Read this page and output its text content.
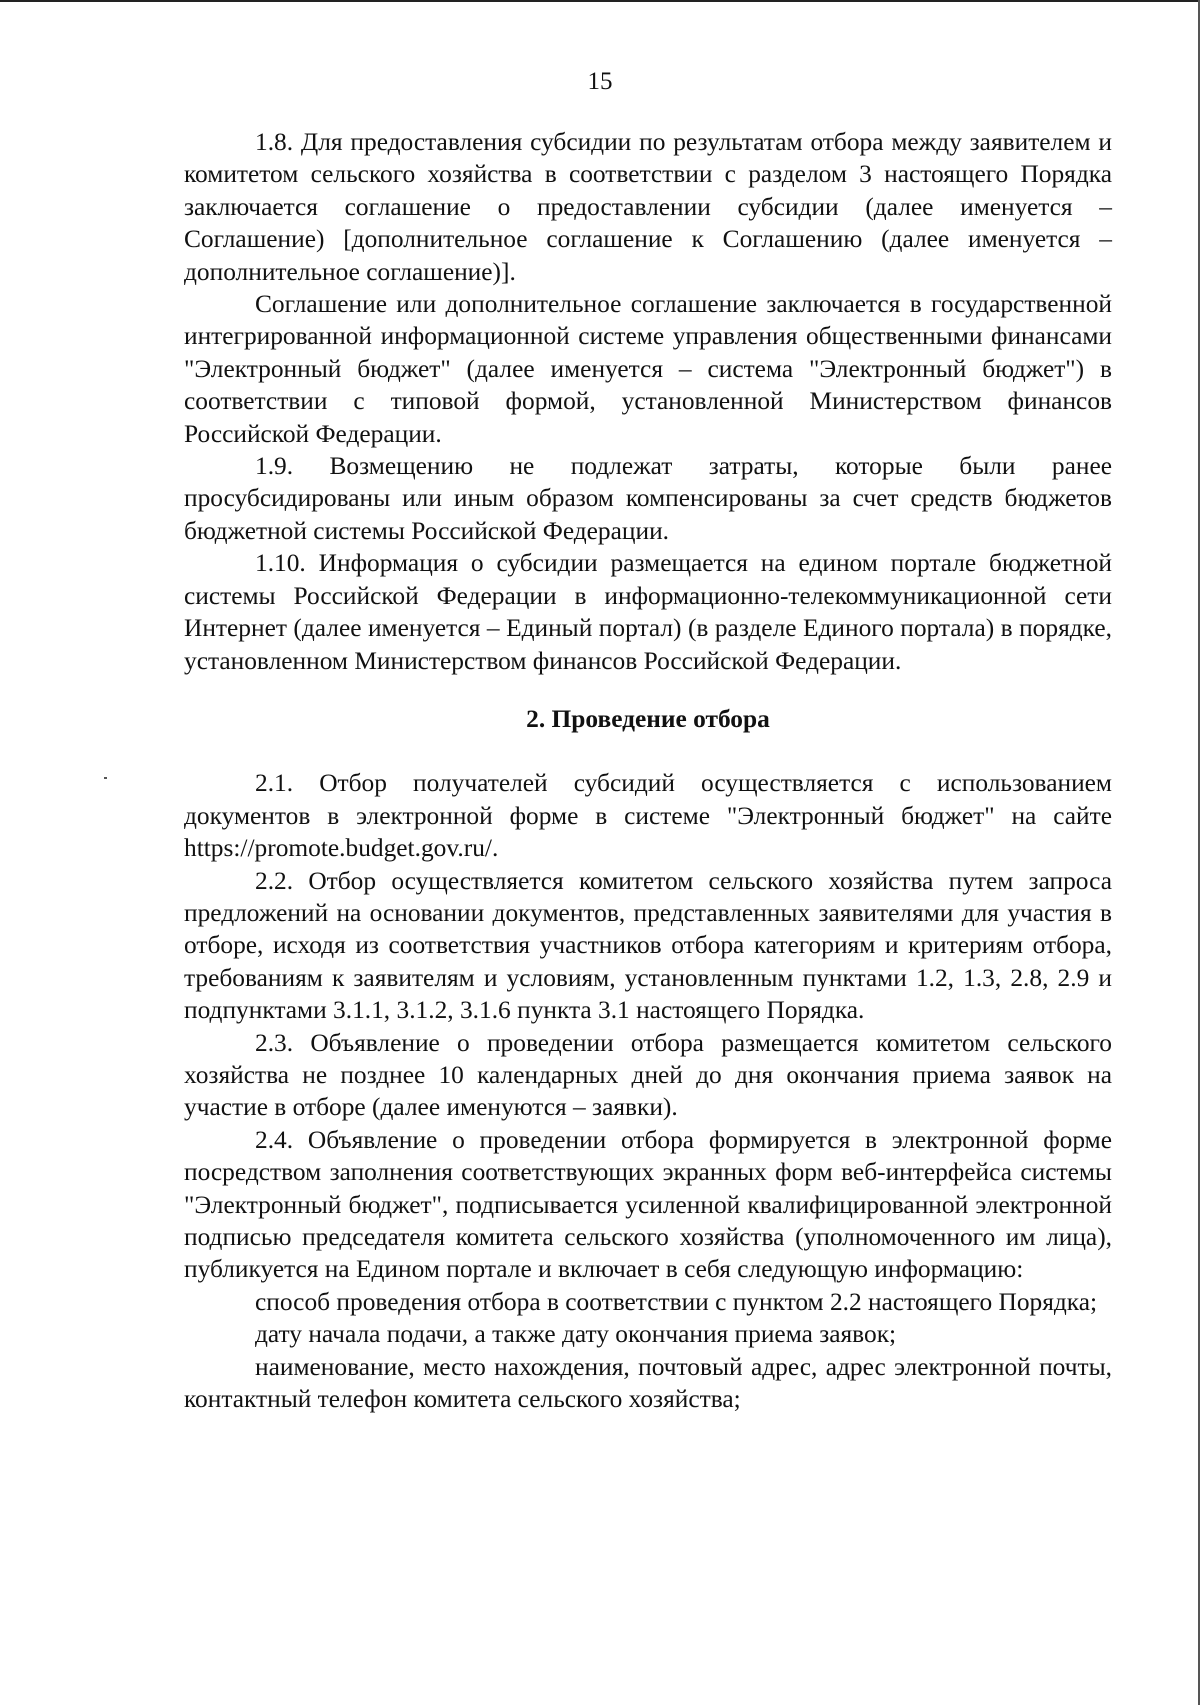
15

1.8. Для предоставления субсидии по результатам отбора между заявителем и комитетом сельского хозяйства в соответствии с разделом 3 настоящего Порядка заключается соглашение о предоставлении субсидии (далее именуется – Соглашение) [дополнительное соглашение к Соглашению (далее именуется – дополнительное соглашение)].

Соглашение или дополнительное соглашение заключается в государственной интегрированной информационной системе управления общественными финансами "Электронный бюджет" (далее именуется – система "Электронный бюджет") в соответствии с типовой формой, установленной Министерством финансов Российской Федерации.

1.9. Возмещению не подлежат затраты, которые были ранее просубсидированы или иным образом компенсированы за счет средств бюджетов бюджетной системы Российской Федерации.

1.10. Информация о субсидии размещается на едином портале бюджетной системы Российской Федерации в информационно-телекоммуникационной сети Интернет (далее именуется – Единый портал) (в разделе Единого портала) в порядке, установленном Министерством финансов Российской Федерации.

2. Проведение отбора

2.1. Отбор получателей субсидий осуществляется с использованием документов в электронной форме в системе "Электронный бюджет" на сайте https://promote.budget.gov.ru/.

2.2. Отбор осуществляется комитетом сельского хозяйства путем запроса предложений на основании документов, представленных заявителями для участия в отборе, исходя из соответствия участников отбора категориям и критериям отбора, требованиям к заявителям и условиям, установленным пунктами 1.2, 1.3, 2.8, 2.9 и подпунктами 3.1.1, 3.1.2, 3.1.6 пункта 3.1 настоящего Порядка.

2.3. Объявление о проведении отбора размещается комитетом сельского хозяйства не позднее 10 календарных дней до дня окончания приема заявок на участие в отборе (далее именуются – заявки).

2.4. Объявление о проведении отбора формируется в электронной форме посредством заполнения соответствующих экранных форм веб-интерфейса системы "Электронный бюджет", подписывается усиленной квалифицированной электронной подписью председателя комитета сельского хозяйства (уполномоченного им лица), публикуется на Едином портале и включает в себя следующую информацию:

способ проведения отбора в соответствии с пунктом 2.2 настоящего Порядка;

дату начала подачи, а также дату окончания приема заявок;

наименование, место нахождения, почтовый адрес, адрес электронной почты, контактный телефон комитета сельского хозяйства;
